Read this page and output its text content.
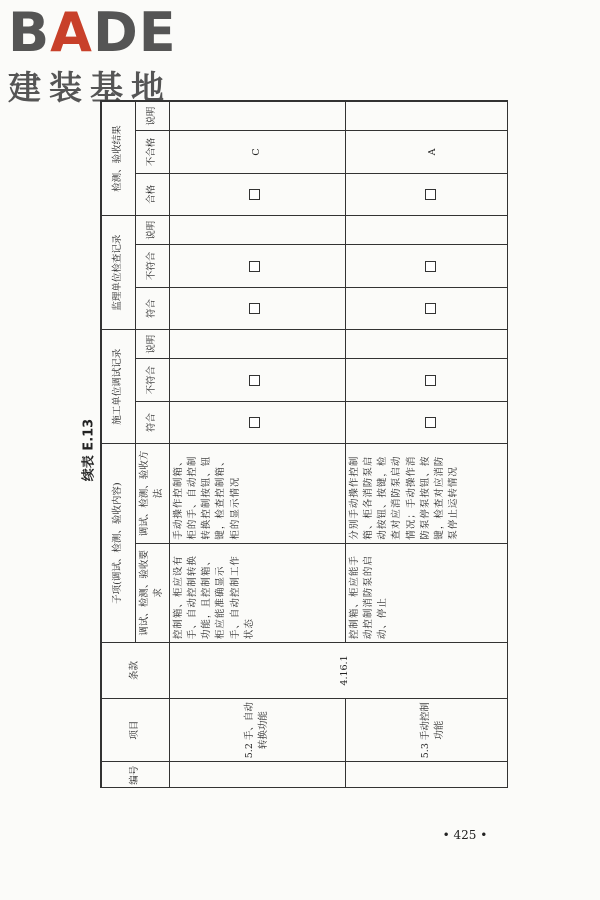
BADE
建装基地
续表 E.13
编号	项目	条款	子项(调试、检测、验收内容)		施工单位调试记录			监理单位检查记录			检测、验收结果		
			调试、检测、验收要求	调试、检测、验收方法	符合	不符合	说明	符合	不符合	说明	合格	不合格	说明
	5.2 手、自动转换功能	4.16.1	控制箱、柜应设有手、自动控制转换功能，且控制箱、柜应能准确显示手、自动控制工作状态	手动操作控制箱、柜的手、自动控制转换控制按钮、钮键，检查控制箱、柜的显示情况								C	
	5.3 手动控制功能		控制箱、柜应能手动控制消防泵的启动、停止	分别手动操作控制箱、柜各消防泵启动按钮、按键，检查对应消防泵启动情况；手动操作消防泵停泵按钮、按键，检查对应消防泵停止运转情况								A	
• 425 •
